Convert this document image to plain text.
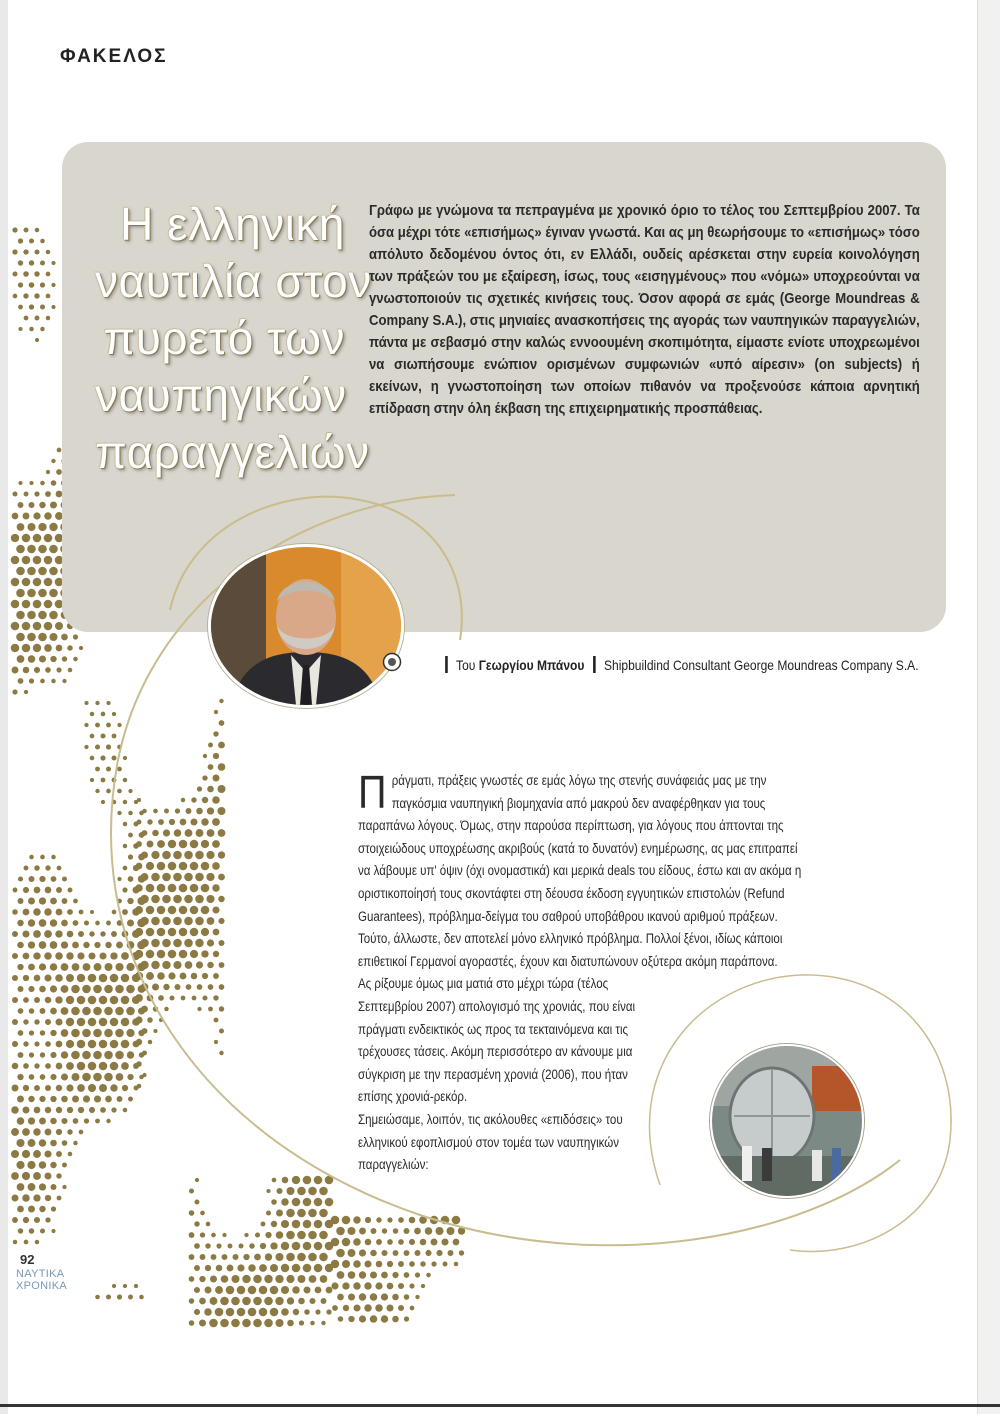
ΦΑΚΕΛΟΣ
Η ελληνική
ναυτιλία στον
πυρετό των
ναυπηγικών
παραγγελιών
Γράφω με γνώμονα τα πεπραγμένα με χρονικό όριο το τέλος του Σεπτεμβρίου 2007. Τα όσα μέχρι τότε «επισήμως» έγιναν γνωστά. Και ας μη θεωρήσουμε το «επισήμως» τόσο απόλυτο δεδομένου όντος ότι, εν Ελλάδι, ουδείς αρέσκεται στην ευρεία κοινολόγηση των πράξεών του με εξαίρεση, ίσως, τους «εισηγμένους» που «νόμω» υποχρεούνται να γνωστοποιούν τις σχετικές κινήσεις τους. Όσον αφορά σε εμάς (George Moundreas & Company S.A.), στις μηνιαίες ανασκοπήσεις της αγοράς των ναυπηγικών παραγγελιών, πάντα με σεβασμό στην καλώς εννοουμένη σκοπιμότητα, είμαστε ενίοτε υποχρεωμένοι να σιωπήσουμε ενώπιον ορισμένων συμφωνιών «υπό αίρεσιν» (on subjects) ή εκείνων, η γνωστοποίηση των οποίων πιθανόν να προξενούσε κάποια αρνητική επίδραση στην όλη έκβαση της επιχειρηματικής προσπάθειας.
Του Γεωργίου Μπάνου Shipbuildind Consultant George Moundreas Company S.A.
Π ράγματι, πράξεις γνωστές σε εμάς λόγω της στενής συνάφειάς μας με την παγκόσμια ναυπηγική βιομηχανία από μακρού δεν αναφέρθηκαν για τους παραπάνω λόγους. Όμως, στην παρούσα περίπτωση, για λόγους που άπτονται της στοιχειώδους υποχρέωσης ακριβούς (κατά το δυνατόν) ενημέρωσης, ας μας επιτραπεί να λάβουμε υπ' όψιν (όχι ονομαστικά) και μερικά deals του είδους, έστω και αν ακόμα η οριστικοποίησή τους σκοντάφτει στη δέουσα έκδοση εγγυητικών επιστολών (Refund Guarantees), πρόβλημα-δείγμα του σαθρού υποβάθρου ικανού αριθμού πράξεων. Τούτο, άλλωστε, δεν αποτελεί μόνο ελληνικό πρόβλημα. Πολλοί ξένοι, ιδίως κάποιοι επιθετικοί Γερμανοί αγοραστές, έχουν και διατυπώνουν οξύτερα ακόμη παράπονα.

Ας ρίξουμε όμως μια ματιά στο μέχρι τώρα (τέλος Σεπτεμβρίου 2007) απολογισμό της χρονιάς, που είναι πράγματι ενδεικτικός ως προς τα τεκταινόμενα και τις τρέχουσες τάσεις. Ακόμη περισσότερο αν κάνουμε μια σύγκριση με την περασμένη χρονιά (2006), που ήταν επίσης χρονιά-ρεκόρ.

Σημειώσαμε, λοιπόν, τις ακόλουθες «επιδόσεις» του ελληνικού εφοπλισμού στον τομέα των ναυπηγικών παραγγελιών:

92
ΝΑΥΤΙΚΑ
ΧΡΟΝΙΚΑ
